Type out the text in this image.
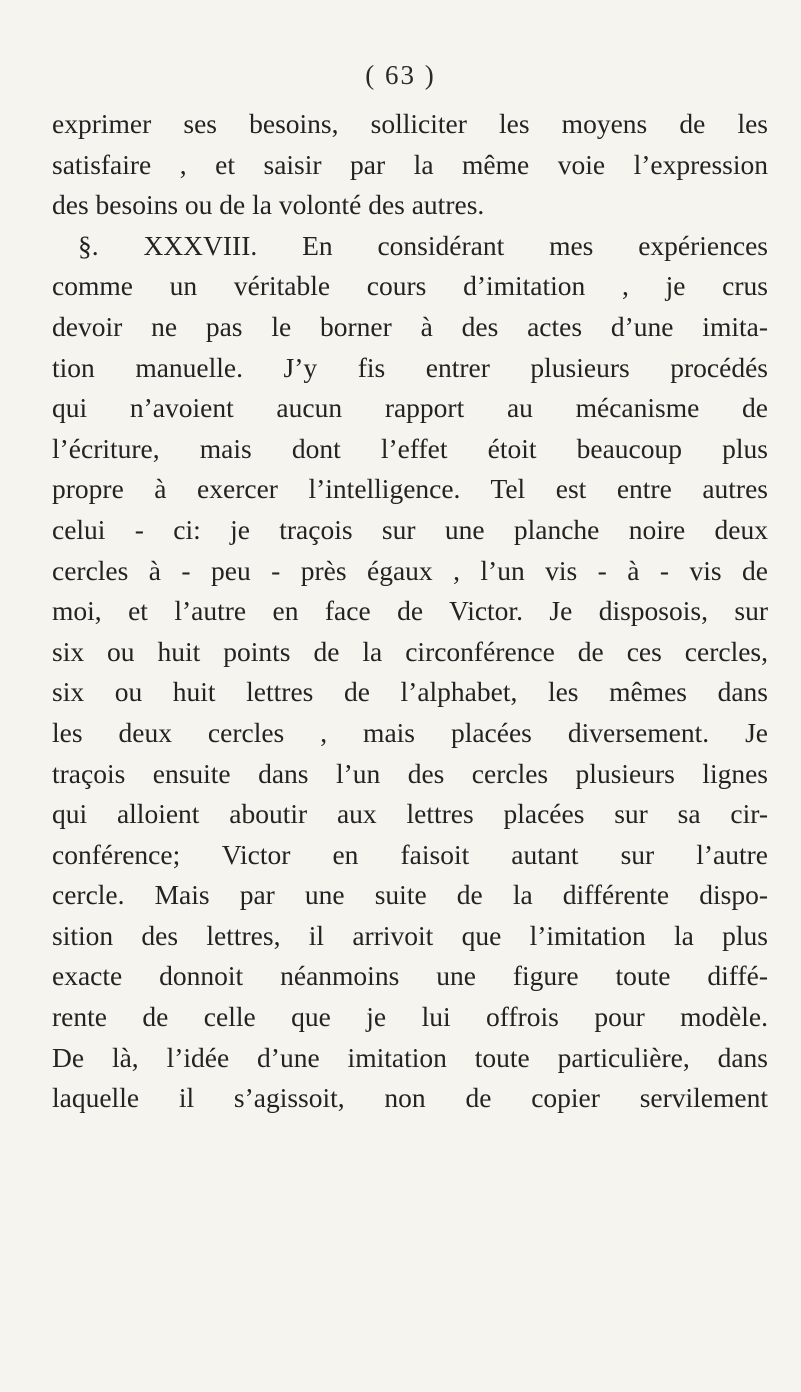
( 63 )
exprimer ses besoins, solliciter les moyens de les
satisfaire , et saisir par la même voie l’expression
des besoins ou de la volonté des autres.
§. XXXVIII. En considérant mes expériences
comme un véritable cours d’imitation , je crus
devoir ne pas le borner à des actes d’une imita-
tion manuelle. J’y fis entrer plusieurs procédés
qui n’avoient aucun rapport au mécanisme de
l’écriture, mais dont l’effet étoit beaucoup plus
propre à exercer l’intelligence. Tel est entre autres
celui - ci: je traçois sur une planche noire deux
cercles à - peu - près égaux , l’un vis - à - vis de
moi, et l’autre en face de Victor. Je disposois, sur
six ou huit points de la circonférence de ces cercles,
six ou huit lettres de l’alphabet, les mêmes dans
les deux cercles , mais placées diversement. Je
traçois ensuite dans l’un des cercles plusieurs lignes
qui alloient aboutir aux lettres placées sur sa cir-
conférence; Victor en faisoit autant sur l’autre
cercle. Mais par une suite de la différente dispo-
sition des lettres, il arrivoit que l’imitation la plus
exacte donnoit néanmoins une figure toute diffé-
rente de celle que je lui offrois pour modèle.
De là, l’idée d’une imitation toute particulière, dans
laquelle il s’agissoit, non de copier servilement
